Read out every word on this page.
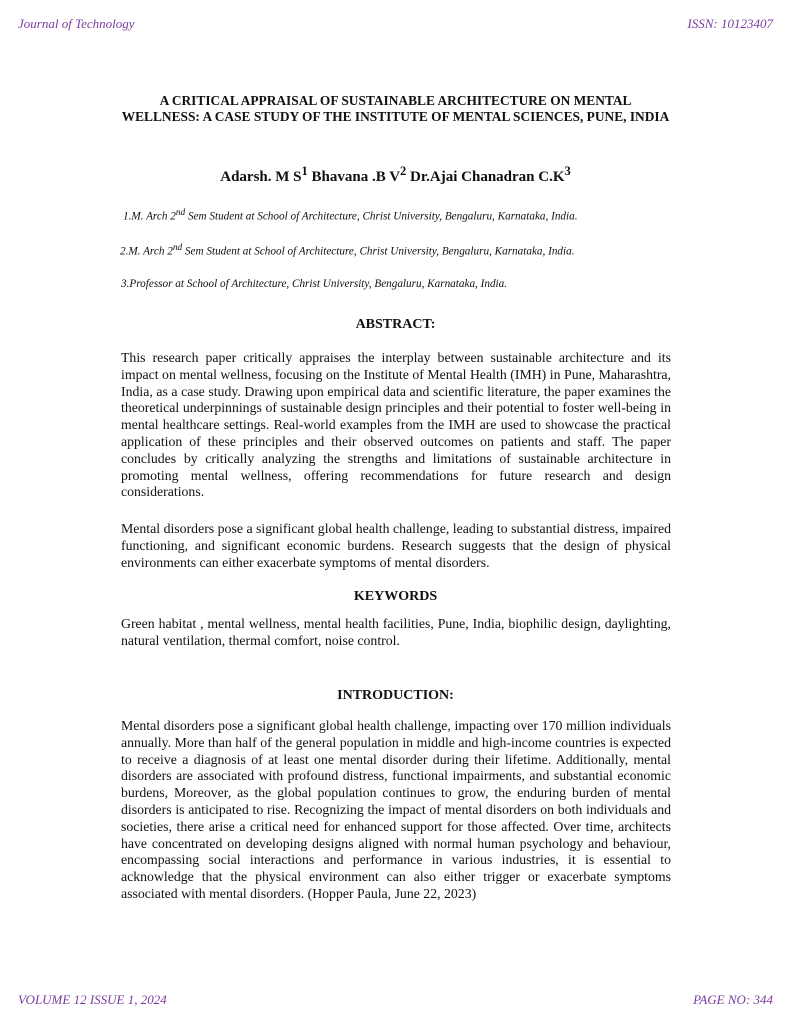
Journal of Technology	ISSN: 10123407
A CRITICAL APPRAISAL OF SUSTAINABLE ARCHITECTURE ON MENTAL WELLNESS: A CASE STUDY OF THE INSTITUTE OF MENTAL SCIENCES, PUNE, INDIA
Adarsh. M $S^1$ Bhavana .B $V^2$ Dr.Ajai Chanadran $C.K^3$
1.M. Arch 2nd Sem Student at School of Architecture, Christ University, Bengaluru, Karnataka, India.
2.M. Arch 2nd Sem Student at School of Architecture, Christ University, Bengaluru, Karnataka, India.
3.Professor at School of Architecture, Christ University, Bengaluru, Karnataka, India.
ABSTRACT:

This research paper critically appraises the interplay between sustainable architecture and its impact on mental wellness, focusing on the Institute of Mental Health (IMH) in Pune, Maharashtra, India, as a case study. Drawing upon empirical data and scientific literature, the paper examines the theoretical underpinnings of sustainable design principles and their potential to foster well-being in mental healthcare settings. Real-world examples from the IMH are used to showcase the practical application of these principles and their observed outcomes on patients and staff. The paper concludes by critically analyzing the strengths and limitations of sustainable architecture in promoting mental wellness, offering recommendations for future research and design considerations.

Mental disorders pose a significant global health challenge, leading to substantial distress, impaired functioning, and significant economic burdens. Research suggests that the design of physical environments can either exacerbate symptoms of mental disorders.

KEYWORDS

Green habitat , mental wellness, mental health facilities, Pune, India, biophilic design, daylighting, natural ventilation, thermal comfort, noise control.

INTRODUCTION:

Mental disorders pose a significant global health challenge, impacting over 170 million individuals annually. More than half of the general population in middle and high-income countries is expected to receive a diagnosis of at least one mental disorder during their lifetime. Additionally, mental disorders are associated with profound distress, functional impairments, and substantial economic burdens, Moreover, as the global population continues to grow, the enduring burden of mental disorders is anticipated to rise. Recognizing the impact of mental disorders on both individuals and societies, there arise a critical need for enhanced support for those affected. Over time, architects have concentrated on developing designs aligned with normal human psychology and behaviour, encompassing social interactions and performance in various industries, it is essential to acknowledge that the physical environment can also either trigger or exacerbate symptoms associated with mental disorders. (Hopper Paula, June 22, 2023)

VOLUME 12 ISSUE 1, 2024	PAGE NO: 344
